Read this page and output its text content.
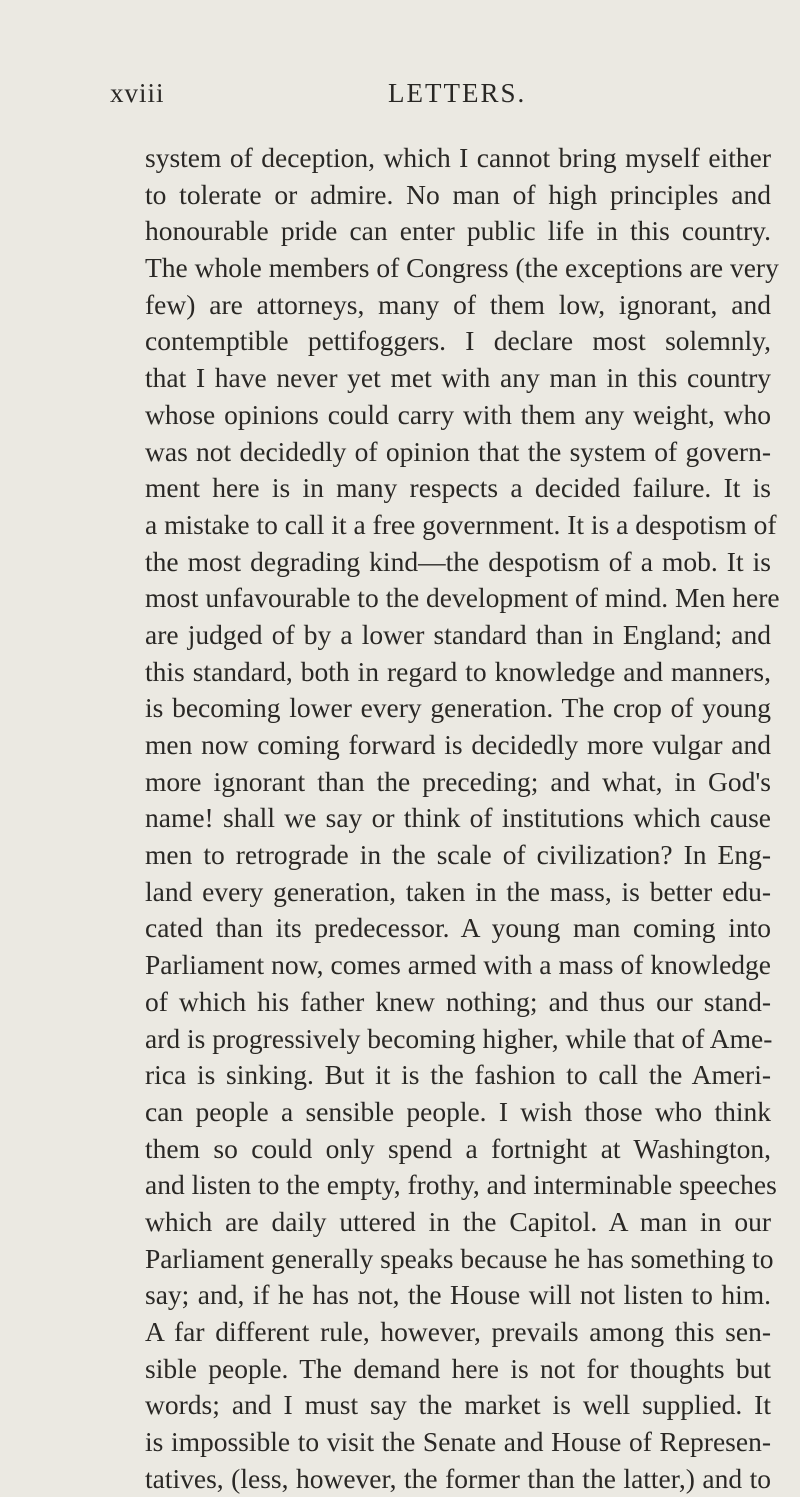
xviii	LETTERS.
system of deception, which I cannot bring myself either
to tolerate or admire. No man of high principles and
honourable pride can enter public life in this country.
The whole members of Congress (the exceptions are very
few) are attorneys, many of them low, ignorant, and
contemptible pettifoggers. I declare most solemnly,
that I have never yet met with any man in this country
whose opinions could carry with them any weight, who
was not decidedly of opinion that the system of govern-
ment here is in many respects a decided failure. It is
a mistake to call it a free government. It is a despotism of
the most degrading kind—the despotism of a mob. It is
most unfavourable to the development of mind. Men here
are judged of by a lower standard than in England; and
this standard, both in regard to knowledge and manners,
is becoming lower every generation. The crop of young
men now coming forward is decidedly more vulgar and
more ignorant than the preceding; and what, in God's
name! shall we say or think of institutions which cause
men to retrograde in the scale of civilization? In Eng-
land every generation, taken in the mass, is better edu-
cated than its predecessor. A young man coming into
Parliament now, comes armed with a mass of knowledge
of which his father knew nothing; and thus our stand-
ard is progressively becoming higher, while that of Ame-
rica is sinking. But it is the fashion to call the Ameri-
can people a sensible people. I wish those who think
them so could only spend a fortnight at Washington,
and listen to the empty, frothy, and interminable speeches
which are daily uttered in the Capitol. A man in our
Parliament generally speaks because he has something to
say; and, if he has not, the House will not listen to him.
A far different rule, however, prevails among this sen-
sible people. The demand here is not for thoughts but
words; and I must say the market is well supplied. It
is impossible to visit the Senate and House of Represen-
tatives, (less, however, the former than the latter,) and to
